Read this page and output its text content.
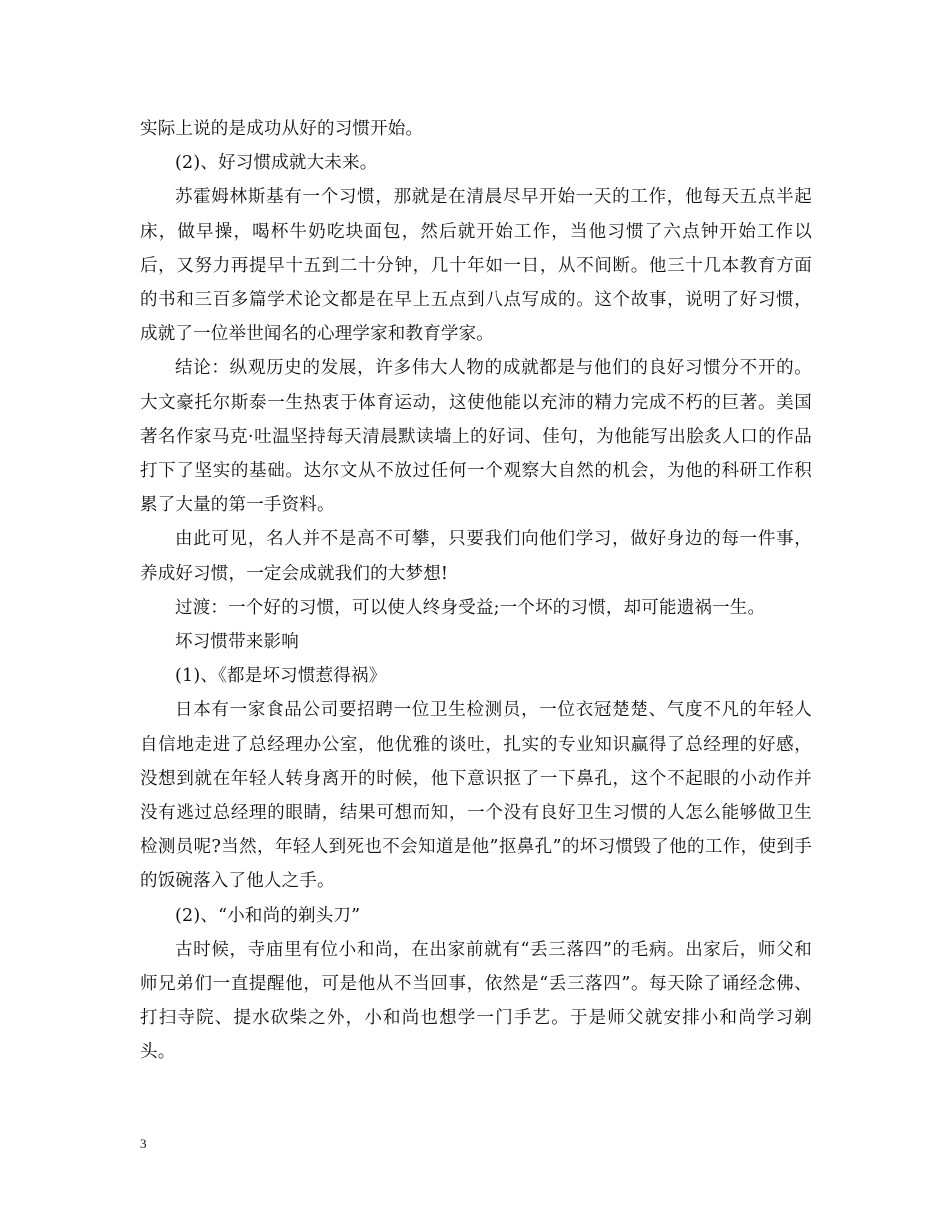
实际上说的是成功从好的习惯开始。

(2)、好习惯成就大未来。

苏霍姆林斯基有一个习惯，那就是在清晨尽早开始一天的工作，他每天五点半起床，做早操，喝杯牛奶吃块面包，然后就开始工作，当他习惯了六点钟开始工作以后，又努力再提早十五到二十分钟，几十年如一日，从不间断。他三十几本教育方面的书和三百多篇学术论文都是在早上五点到八点写成的。这个故事，说明了好习惯，成就了一位举世闻名的心理学家和教育学家。

结论：纵观历史的发展，许多伟大人物的成就都是与他们的良好习惯分不开的。大文豪托尔斯泰一生热衷于体育运动，这使他能以充沛的精力完成不朽的巨著。美国著名作家马克·吐温坚持每天清晨默读墙上的好词、佳句，为他能写出脍炙人口的作品打下了坚实的基础。达尔文从不放过任何一个观察大自然的机会，为他的科研工作积累了大量的第一手资料。

由此可见，名人并不是高不可攀，只要我们向他们学习，做好身边的每一件事，养成好习惯，一定会成就我们的大梦想!

过渡：一个好的习惯，可以使人终身受益;一个坏的习惯，却可能遗祸一生。

坏习惯带来影响

(1)、《都是坏习惯惹得祸》

日本有一家食品公司要招聘一位卫生检测员，一位衣冠楚楚、气度不凡的年轻人自信地走进了总经理办公室，他优雅的谈吐，扎实的专业知识赢得了总经理的好感，没想到就在年轻人转身离开的时候，他下意识抠了一下鼻孔，这个不起眼的小动作并没有逃过总经理的眼睛，结果可想而知，一个没有良好卫生习惯的人怎么能够做卫生检测员呢?当然，年轻人到死也不会知道是他”抠鼻孔”的坏习惯毁了他的工作，使到手的饭碗落入了他人之手。

(2)、“小和尚的剃头刀”

古时候，寺庙里有位小和尚，在出家前就有“丢三落四”的毛病。出家后，师父和师兄弟们一直提醒他，可是他从不当回事，依然是“丢三落四”。每天除了诵经念佛、打扫寺院、提水砍柴之外，小和尚也想学一门手艺。于是师父就安排小和尚学习剃头。

3
